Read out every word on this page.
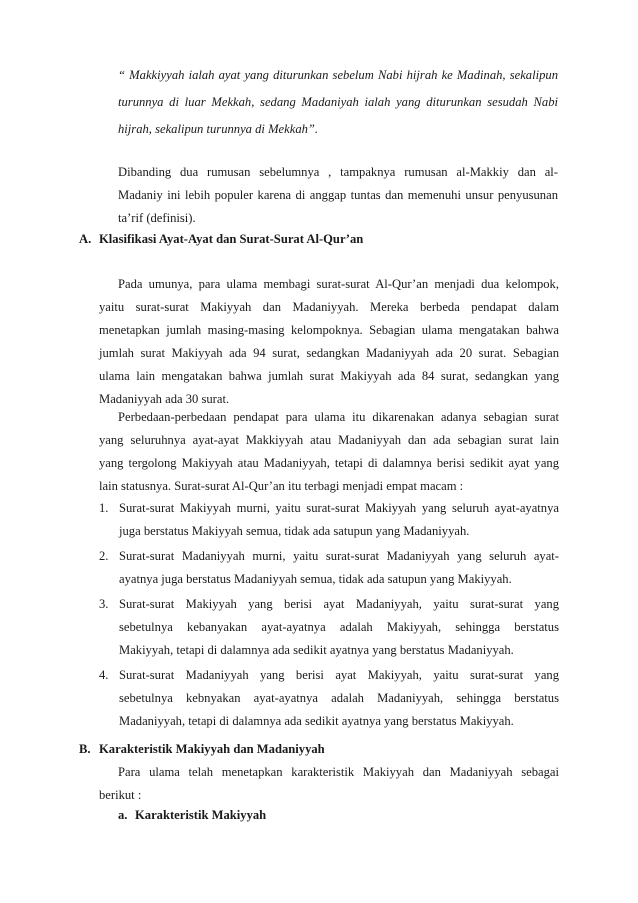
“ Makkiyyah ialah ayat yang diturunkan sebelum Nabi hijrah ke Madinah, sekalipun
turunnya di luar Mekkah, sedang Madaniyah ialah yang diturunkan sesudah Nabi
hijrah, sekalipun turunnya di Mekkah”.
Dibanding dua rumusan sebelumnya , tampaknya rumusan al-Makkiy dan al-
Madaniy ini lebih populer karena di anggap tuntas dan memenuhi unsur penyusunan
ta’rif (definisi).
A. Klasifikasi Ayat-Ayat dan Surat-Surat Al-Qur’an
Pada umunya, para ulama membagi surat-surat Al-Qur’an menjadi dua kelompok,
yaitu surat-surat Makiyyah dan Madaniyyah. Mereka berbeda pendapat dalam
menetapkan jumlah masing-masing kelompoknya. Sebagian ulama mengatakan bahwa
jumlah surat Makiyyah ada 94 surat, sedangkan Madaniyyah ada 20 surat. Sebagian
ulama lain mengatakan bahwa jumlah surat Makiyyah ada 84 surat, sedangkan yang
Madaniyyah ada 30 surat.
Perbedaan-perbedaan pendapat para ulama itu dikarenakan adanya sebagian surat
yang seluruhnya ayat-ayat Makkiyyah atau Madaniyyah dan ada sebagian surat lain
yang tergolong Makiyyah atau Madaniyyah, tetapi di dalamnya berisi sedikit ayat yang
lain statusnya. Surat-surat Al-Qur’an itu terbagi menjadi empat macam :
1. Surat-surat Makiyyah murni, yaitu surat-surat Makiyyah yang seluruh ayat-ayatnya
juga berstatus Makiyyah semua, tidak ada satupun yang Madaniyyah.
2. Surat-surat Madaniyyah murni, yaitu surat-surat Madaniyyah yang seluruh ayat-
ayatnya juga berstatus Madaniyyah semua, tidak ada satupun yang Makiyyah.
3. Surat-surat Makiyyah yang berisi ayat Madaniyyah, yaitu surat-surat yang
sebetulnya kebanyakan ayat-ayatnya adalah Makiyyah, sehingga berstatus
Makiyyah, tetapi di dalamnya ada sedikit ayatnya yang berstatus Madaniyyah.
4. Surat-surat Madaniyyah yang berisi ayat Makiyyah, yaitu surat-surat yang
sebetulnya kebnyakan ayat-ayatnya adalah Madaniyyah, sehingga berstatus
Madaniyyah, tetapi di dalamnya ada sedikit ayatnya yang berstatus Makiyyah.
B. Karakteristik Makiyyah dan Madaniyyah
Para ulama telah menetapkan karakteristik Makiyyah dan Madaniyyah sebagai
berikut :
a. Karakteristik Makiyyah
